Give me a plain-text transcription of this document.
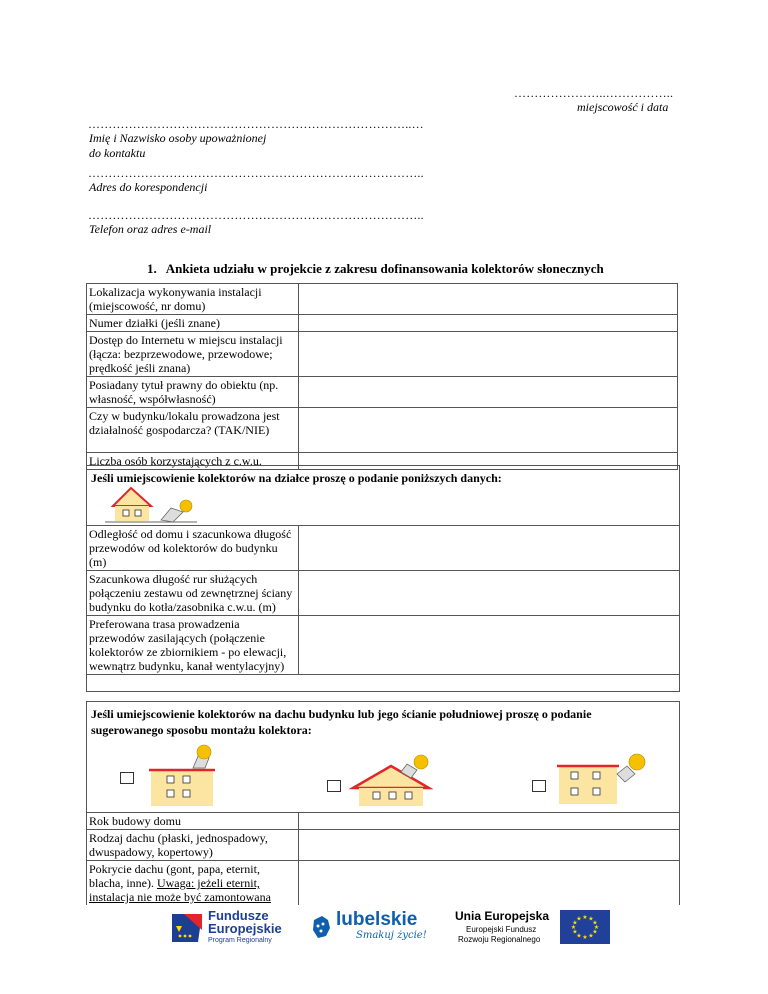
…………………..……………..
miejscowość i data
……………………………………………………………………..…
Imię i Nazwisko osoby upoważnionej
do kontaktu
………………………………………………………………………..
Adres do korespondencji
………………………………………………………………………..
Telefon oraz adres e-mail
1. Ankieta udziału w projekcie z zakresu dofinansowania kolektorów słonecznych
Lokalizacja wykonywania instalacji (miejscowość, nr domu)	
Numer działki (jeśli znane)	
Dostęp do Internetu w miejscu instalacji (łącza: bezprzewodowe, przewodowe; prędkość jeśli znana)	
Posiadany tytuł prawny do obiektu (np. własność, współwłasność)	
Czy w budynku/lokalu prowadzona jest działalność gospodarcza? (TAK/NIE)	
Liczba osób korzystających z c.w.u.	
Jeśli umiejscowienie kolektorów na działce proszę o podanie poniższych danych:
Odległość od domu i szacunkowa długość przewodów od kolektorów do budynku (m)	
Szacunkowa długość rur służących połączeniu zestawu od zewnętrznej ściany budynku do kotła/zasobnika c.w.u. (m)	
Preferowana trasa prowadzenia przewodów zasilających (połączenie kolektorów ze zbiornikiem - po elewacji, wewnątrz budynku, kanał wentylacyjny)	
Jeśli umiejscowienie kolektorów na dachu budynku lub jego ścianie południowej proszę o podanie
sugerowanego sposobu montażu kolektora:
Rok budowy domu	
Rodzaj dachu (płaski, jednospadowy, dwuspadowy, kopertowy)	
Pokrycie dachu (gont, papa, eternit, blacha, inne). Uwaga: jeżeli eternit, instalacja nie może być zamontowana	
Fundusze
Europejskie
Program Regionalny
lubelskie
Smakuj życie!
Unia Europejska
Europejski Fundusz
Rozwoju Regionalnego
★ ★
★
★
★
★
★
★
★
★
★
★
